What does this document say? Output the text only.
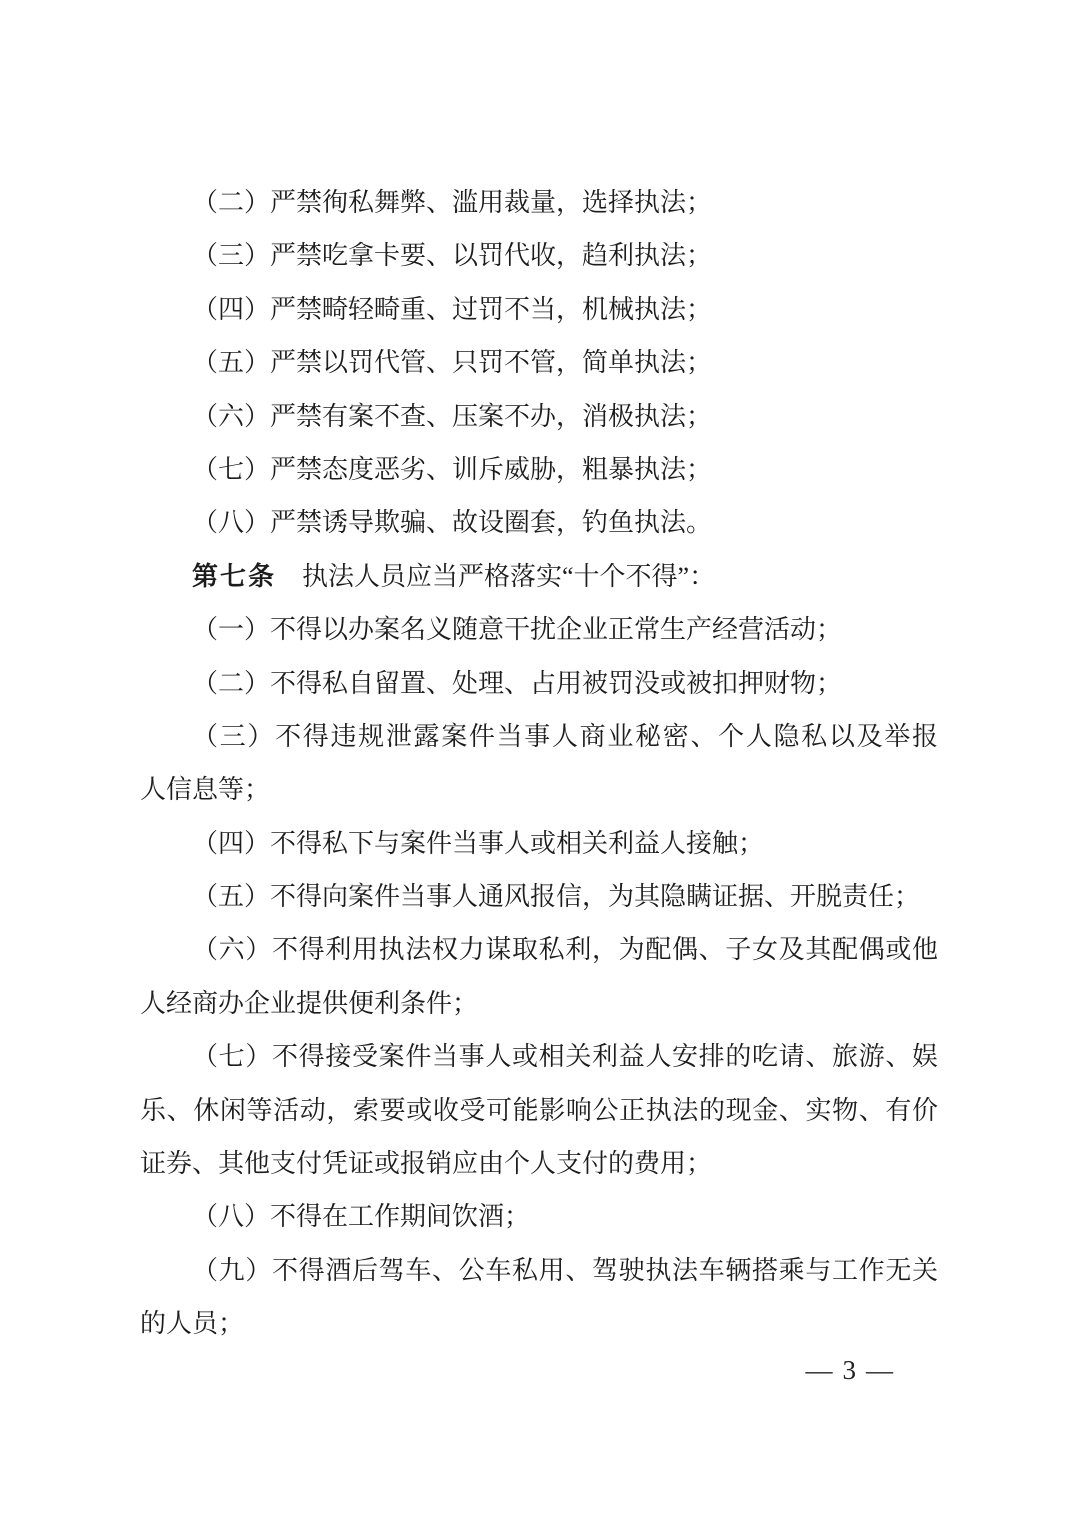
（二）严禁徇私舞弊、滥用裁量，选择执法；
（三）严禁吃拿卡要、以罚代收，趋利执法；
（四）严禁畸轻畸重、过罚不当，机械执法；
（五）严禁以罚代管、只罚不管，简单执法；
（六）严禁有案不查、压案不办，消极执法；
（七）严禁态度恶劣、训斥威胁，粗暴执法；
（八）严禁诱导欺骗、故设圈套，钓鱼执法。
第七条 执法人员应当严格落实“十个不得”：
（一）不得以办案名义随意干扰企业正常生产经营活动；
（二）不得私自留置、处理、占用被罚没或被扣押财物；
（三）不得违规泄露案件当事人商业秘密、个人隐私以及举报
人信息等；
（四）不得私下与案件当事人或相关利益人接触；
（五）不得向案件当事人通风报信，为其隐瞒证据、开脱责任；
（六）不得利用执法权力谋取私利，为配偶、子女及其配偶或他
人经商办企业提供便利条件；
（七）不得接受案件当事人或相关利益人安排的吃请、旅游、娱
乐、休闲等活动，索要或收受可能影响公正执法的现金、实物、有价
证券、其他支付凭证或报销应由个人支付的费用；
（八）不得在工作期间饮酒；
（九）不得酒后驾车、公车私用、驾驶执法车辆搭乘与工作无关
的人员；
— 3 —
